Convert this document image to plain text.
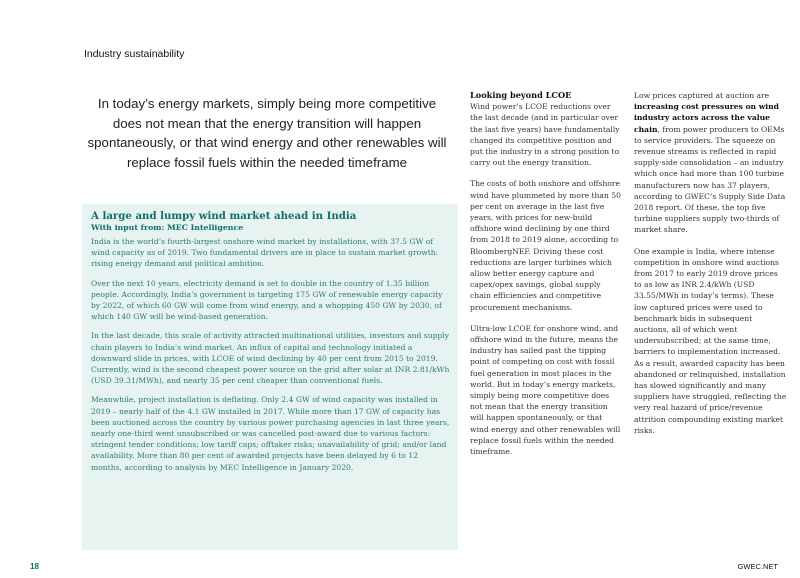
Industry sustainability
In today’s energy markets, simply being more competitive does not mean that the energy transition will happen spontaneously, or that wind energy and other renewables will replace fossil fuels within the needed timeframe
A large and lumpy wind market ahead in India
With input from: MEC Intelligence

India is the world’s fourth-largest onshore wind market by installations, with 37.5 GW of wind capacity as of 2019. Two fundamental drivers are in place to sustain market growth: rising energy demand and political ambition.

Over the next 10 years, electricity demand is set to double in the country of 1.35 billion people. Accordingly, India’s government is targeting 175 GW of renewable energy capacity by 2022, of which 60 GW will come from wind energy, and a whopping 450 GW by 2030, of which 140 GW will be wind-based generation.

In the last decade, this scale of activity attracted multinational utilities, investors and supply chain players to India’s wind market. An influx of capital and technology initiated a downward slide in prices, with LCOE of wind declining by 40 per cent from 2015 to 2019. Currently, wind is the second cheapest power source on the grid after solar at INR 2.81/kWh (USD 39.31/MWh), and nearly 35 per cent cheaper than conventional fuels.

Meanwhile, project installation is deflating. Only 2.4 GW of wind capacity was installed in 2019 – nearly half of the 4.1 GW installed in 2017. While more than 17 GW of capacity has been auctioned across the country by various power purchasing agencies in last three years, nearly one-third went unsubscribed or was cancelled post-award due to various factors: stringent tender conditions; low tariff caps; offtaker risks; unavailability of grid; and/or land availability. More than 80 per cent of awarded projects have been delayed by 6 to 12 months, according to analysis by MEC Intelligence in January 2020.

Looking beyond LCOE

Wind power’s LCOE reductions over the last decade (and in particular over the last five years) have fundamentally changed its competitive position and put the industry in a strong position to carry out the energy transition.

The costs of both onshore and offshore wind have plummeted by more than 50 per cent on average in the last five years, with prices for new-build offshore wind declining by one third from 2018 to 2019 alone, according to BloombergNEF. Driving these cost reductions are larger turbines which allow better energy capture and capex/opex savings, global supply chain efficiencies and competitive procurement mechanisms.

Ultra-low LCOE for onshore wind, and offshore wind in the future, means the industry has sailed past the tipping point of competing on cost with fossil fuel generation in most places in the world. But in today’s energy markets, simply being more competitive does not mean that the energy transition will happen spontaneously, or that wind energy and other renewables will replace fossil fuels within the needed timeframe.

Low prices captured at auction are increasing cost pressures on wind industry actors across the value chain, from power producers to OEMs to service providers. The squeeze on revenue streams is reflected in rapid supply-side consolidation – an industry which once had more than 100 turbine manufacturers now has 37 players, according to GWEC’s Supply Side Data 2018 report. Of these, the top five turbine suppliers supply two-thirds of market share.

One example is India, where intense competition in onshore wind auctions from 2017 to early 2019 drove prices to as low as INR 2.4/kWh (USD 33.55/MWh in today’s terms). These low captured prices were used to benchmark bids in subsequent auctions, all of which went undersubscribed; at the same time, barriers to implementation increased. As a result, awarded capacity has been abandoned or relinquished, installation has slowed significantly and many suppliers have struggled, reflecting the very real hazard of price/revenue attrition compounding existing market risks.

18	GWEC.NET
